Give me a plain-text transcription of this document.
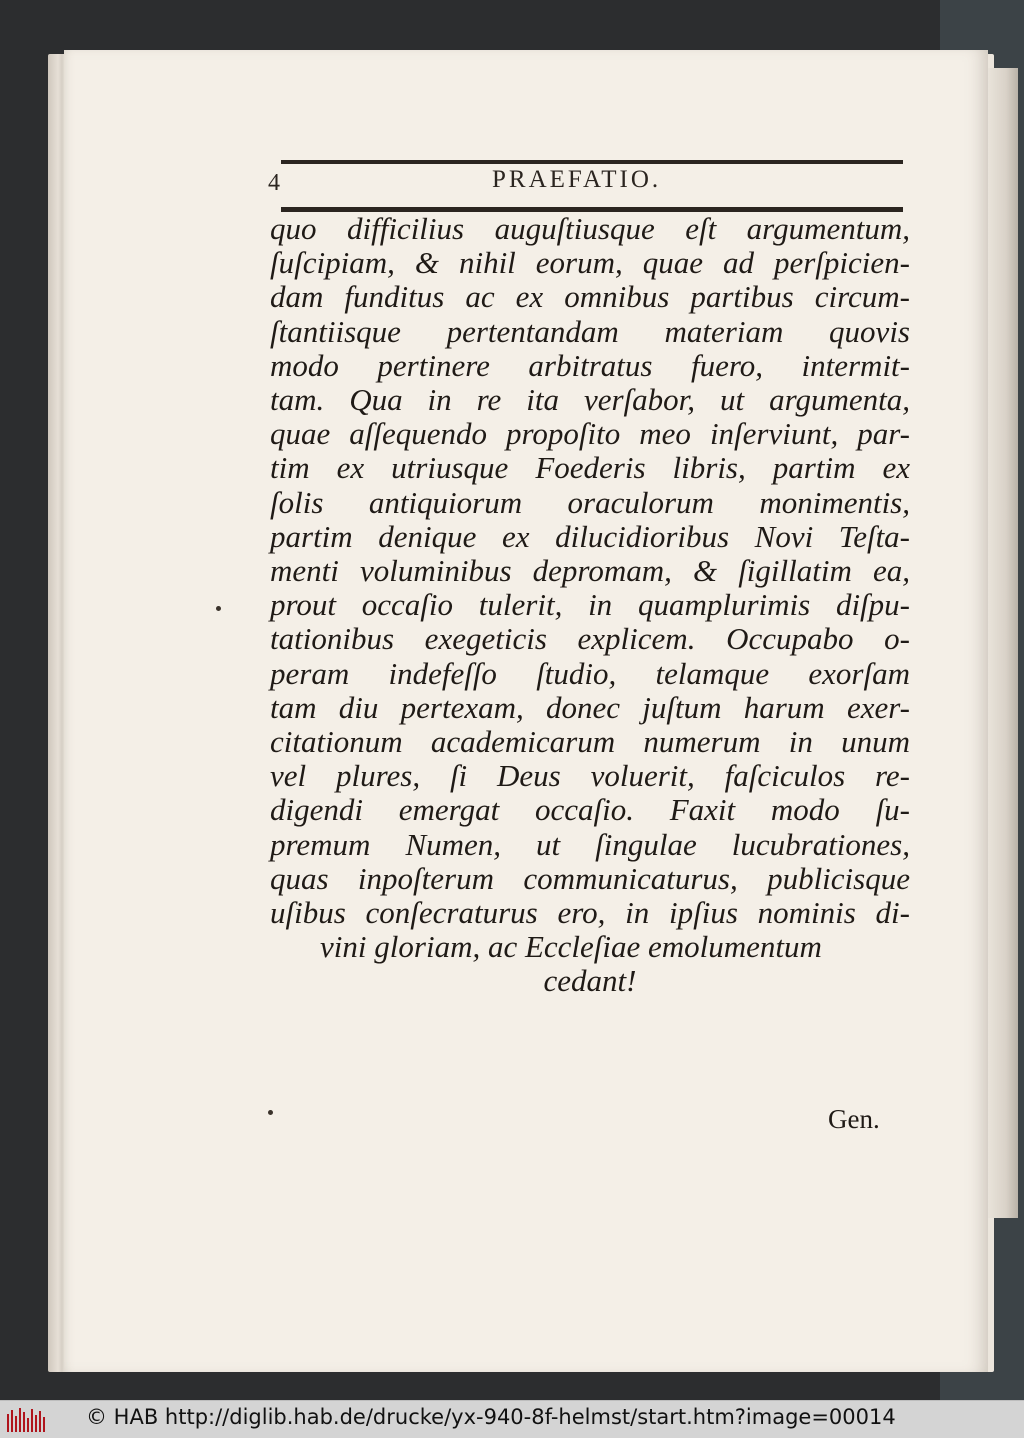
4	PRAEFATIO.
quo difficilius auguſtiusque eſt argumentum,
ſuſcipiam, & nihil eorum, quae ad perſpicien-
dam funditus ac ex omnibus partibus circum-
ſtantiisque pertentandam materiam quovis
modo pertinere arbitratus fuero, intermit-
tam. Qua in re ita verſabor, ut argumenta,
quae aſſequendo propoſito meo inſerviunt, par-
tim ex utriusque Foederis libris, partim ex
ſolis antiquiorum oraculorum monimentis,
partim denique ex dilucidioribus Novi Teſta-
menti voluminibus depromam, & ſigillatim ea,
prout occaſio tulerit, in quamplurimis diſpu-
tationibus exegeticis explicem. Occupabo o-
peram indefeſſo ſtudio, telamque exorſam
tam diu pertexam, donec juſtum harum exer-
citationum academicarum numerum in unum
vel plures, ſi Deus voluerit, faſciculos re-
digendi emergat occaſio. Faxit modo ſu-
premum Numen, ut ſingulae lucubrationes,
quas inpoſterum communicaturus, publicisque
uſibus conſecraturus ero, in ipſius nominis di-
vini gloriam, ac Eccleſiae emolumentum
cedant!
Gen.
© HAB http://diglib.hab.de/drucke/yx-940-8f-helmst/start.htm?image=00014
